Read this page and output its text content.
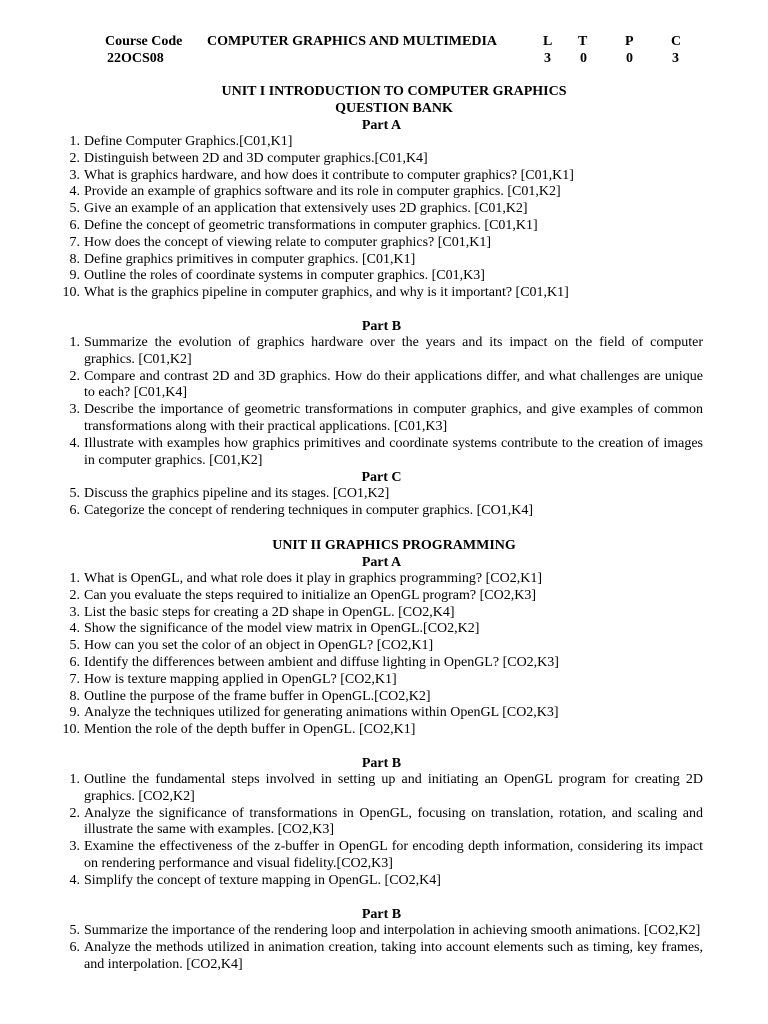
Course Code
22OCS08
COMPUTER GRAPHICS AND MULTIMEDIA	L
3
T
0
P
0
C
3
UNIT I INTRODUCTION TO COMPUTER GRAPHICS
QUESTION BANK
Part A
1. Define Computer Graphics.[C01,K1]
2. Distinguish between 2D and 3D computer graphics.[C01,K4]
3. What is graphics hardware, and how does it contribute to computer graphics? [C01,K1]
4. Provide an example of graphics software and its role in computer graphics. [C01,K2]
5. Give an example of an application that extensively uses 2D graphics. [C01,K2]
6. Define the concept of geometric transformations in computer graphics. [C01,K1]
7. How does the concept of viewing relate to computer graphics? [C01,K1]
8. Define graphics primitives in computer graphics. [C01,K1]
9. Outline the roles of coordinate systems in computer graphics. [C01,K3]
10. What is the graphics pipeline in computer graphics, and why is it important? [C01,K1]
Part B
1. Summarize the evolution of graphics hardware over the years and its impact on the field of computer graphics. [C01,K2]
2. Compare and contrast 2D and 3D graphics. How do their applications differ, and what challenges are unique to each? [C01,K4]
3. Describe the importance of geometric transformations in computer graphics, and give examples of common transformations along with their practical applications. [C01,K3]
4. Illustrate with examples how graphics primitives and coordinate systems contribute to the creation of images in computer graphics. [C01,K2]
Part C
5. Discuss the graphics pipeline and its stages. [CO1,K2]
6. Categorize the concept of rendering techniques in computer graphics. [CO1,K4]
UNIT II GRAPHICS PROGRAMMING
Part A
1. What is OpenGL, and what role does it play in graphics programming? [CO2,K1]
2. Can you evaluate the steps required to initialize an OpenGL program? [CO2,K3]
3. List the basic steps for creating a 2D shape in OpenGL. [CO2,K4]
4. Show the significance of the model view matrix in OpenGL.[CO2,K2]
5. How can you set the color of an object in OpenGL? [CO2,K1]
6. Identify the differences between ambient and diffuse lighting in OpenGL? [CO2,K3]
7. How is texture mapping applied in OpenGL? [CO2,K1]
8. Outline the purpose of the frame buffer in OpenGL.[CO2,K2]
9. Analyze the techniques utilized for generating animations within OpenGL [CO2,K3]
10. Mention the role of the depth buffer in OpenGL. [CO2,K1]
Part B
1. Outline the fundamental steps involved in setting up and initiating an OpenGL program for creating 2D graphics. [CO2,K2]
2. Analyze the significance of transformations in OpenGL, focusing on translation, rotation, and scaling and illustrate the same with examples. [CO2,K3]
3. Examine the effectiveness of the z-buffer in OpenGL for encoding depth information, considering its impact on rendering performance and visual fidelity.[CO2,K3]
4. Simplify the concept of texture mapping in OpenGL. [CO2,K4]
Part B
5. Summarize the importance of the rendering loop and interpolation in achieving smooth animations. [CO2,K2]
6. Analyze the methods utilized in animation creation, taking into account elements such as timing, key frames, and interpolation. [CO2,K4]
